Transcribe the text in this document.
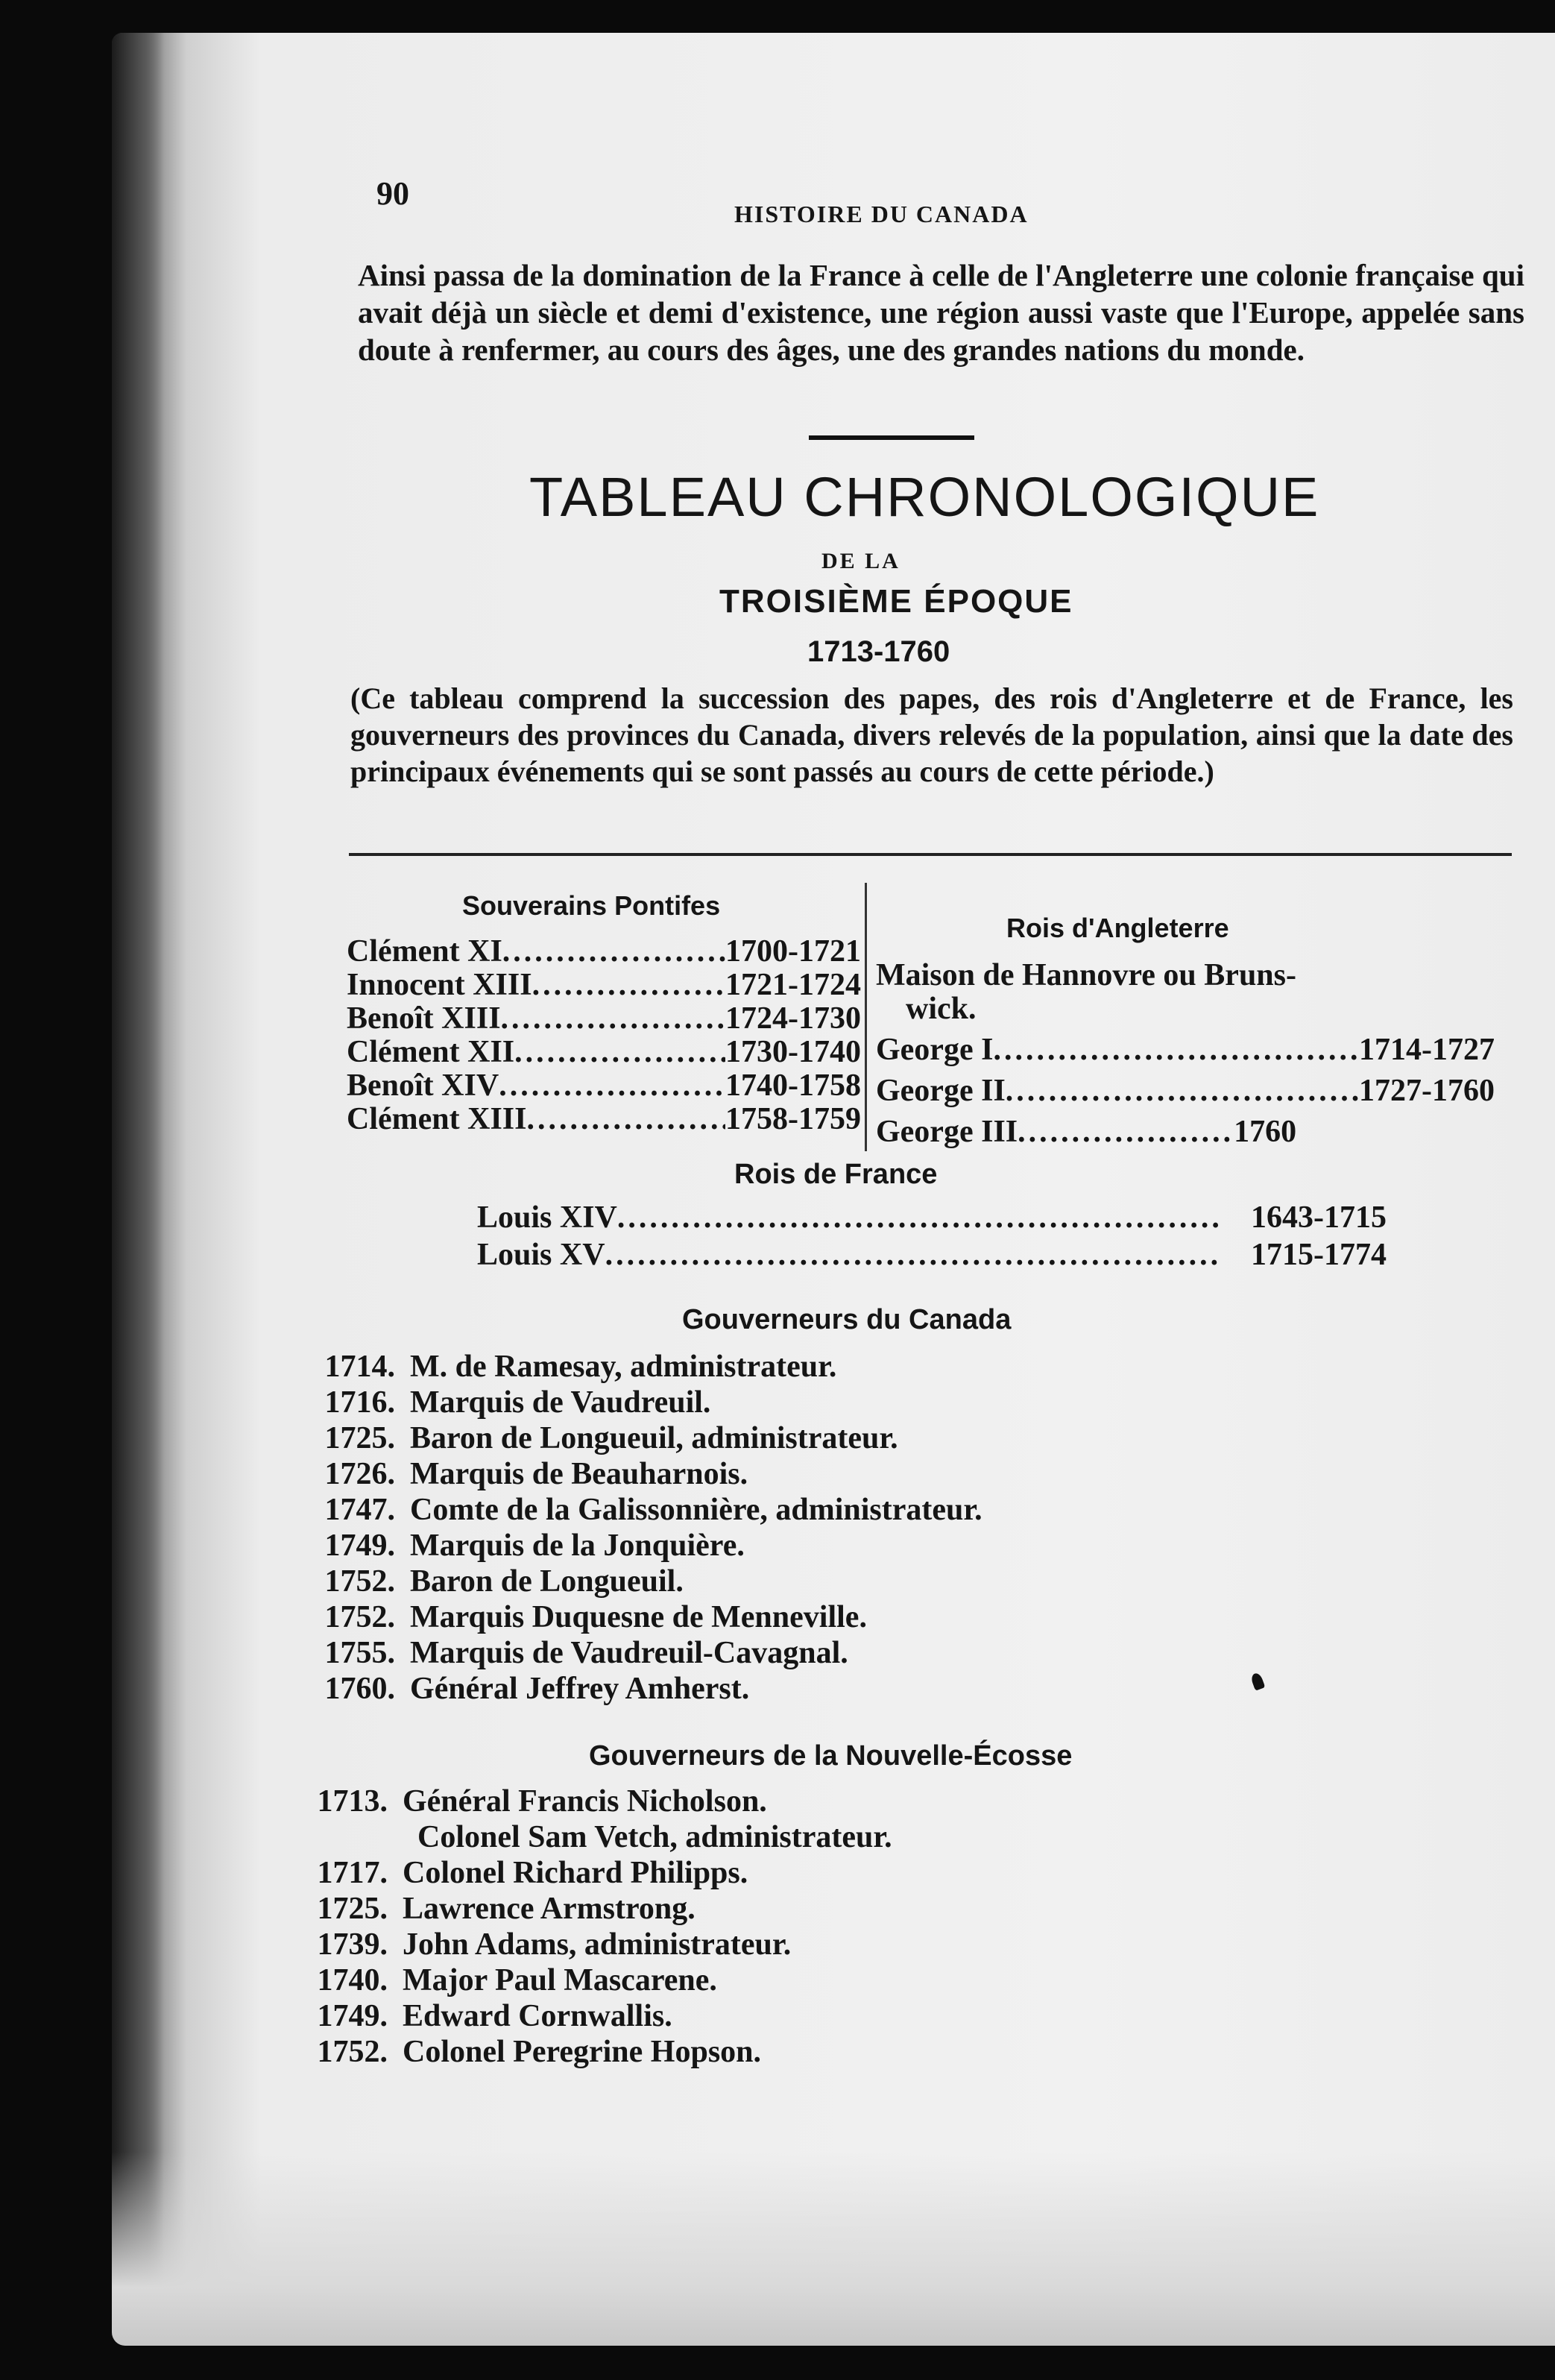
90
HISTOIRE DU CANADA
Ainsi passa de la domination de la France à celle de l'Angleterre une colonie française qui avait déjà un siècle et demi d'existence, une région aussi vaste que l'Europe, appelée sans doute à renfermer, au cours des âges, une des grandes nations du monde.
TABLEAU CHRONOLOGIQUE
DE LA
TROISIÈME ÉPOQUE
1713-1760
(Ce tableau comprend la succession des papes, des rois d'Angleterre et de France, les gouverneurs des provinces du Canada, divers relevés de la population, ainsi que la date des principaux événements qui se sont passés au cours de cette période.)
Souverains Pontifes
Clément XI .....	1700-1721
Innocent XIII .....	1721-1724
Benoît XIII .....	1724-1730
Clément XII .....	1730-1740
Benoît XIV .....	1740-1758
Clément XIII .....	1758-1759
Rois d'Angleterre
Maison de Hannovre ou Bruns-
wick.
George I .....	1714-1727
George II .....	1727-1760
George III .....	1760
Rois de France
Louis XIV .....	1643-1715
Louis XV .....	1715-1774
Gouverneurs du Canada
1714. M. de Ramesay, administrateur.
1716. Marquis de Vaudreuil.
1725. Baron de Longueuil, administrateur.
1726. Marquis de Beauharnois.
1747. Comte de la Galissonnière, administrateur.
1749. Marquis de la Jonquière.
1752. Baron de Longueuil.
1752. Marquis Duquesne de Menneville.
1755. Marquis de Vaudreuil-Cavagnal.
1760. Général Jeffrey Amherst.
Gouverneurs de la Nouvelle-Écosse
1713. Général Francis Nicholson.
Colonel Sam Vetch, administrateur.
1717. Colonel Richard Philipps.
1725. Lawrence Armstrong.
1739. John Adams, administrateur.
1740. Major Paul Mascarene.
1749. Edward Cornwallis.
1752. Colonel Peregrine Hopson.
